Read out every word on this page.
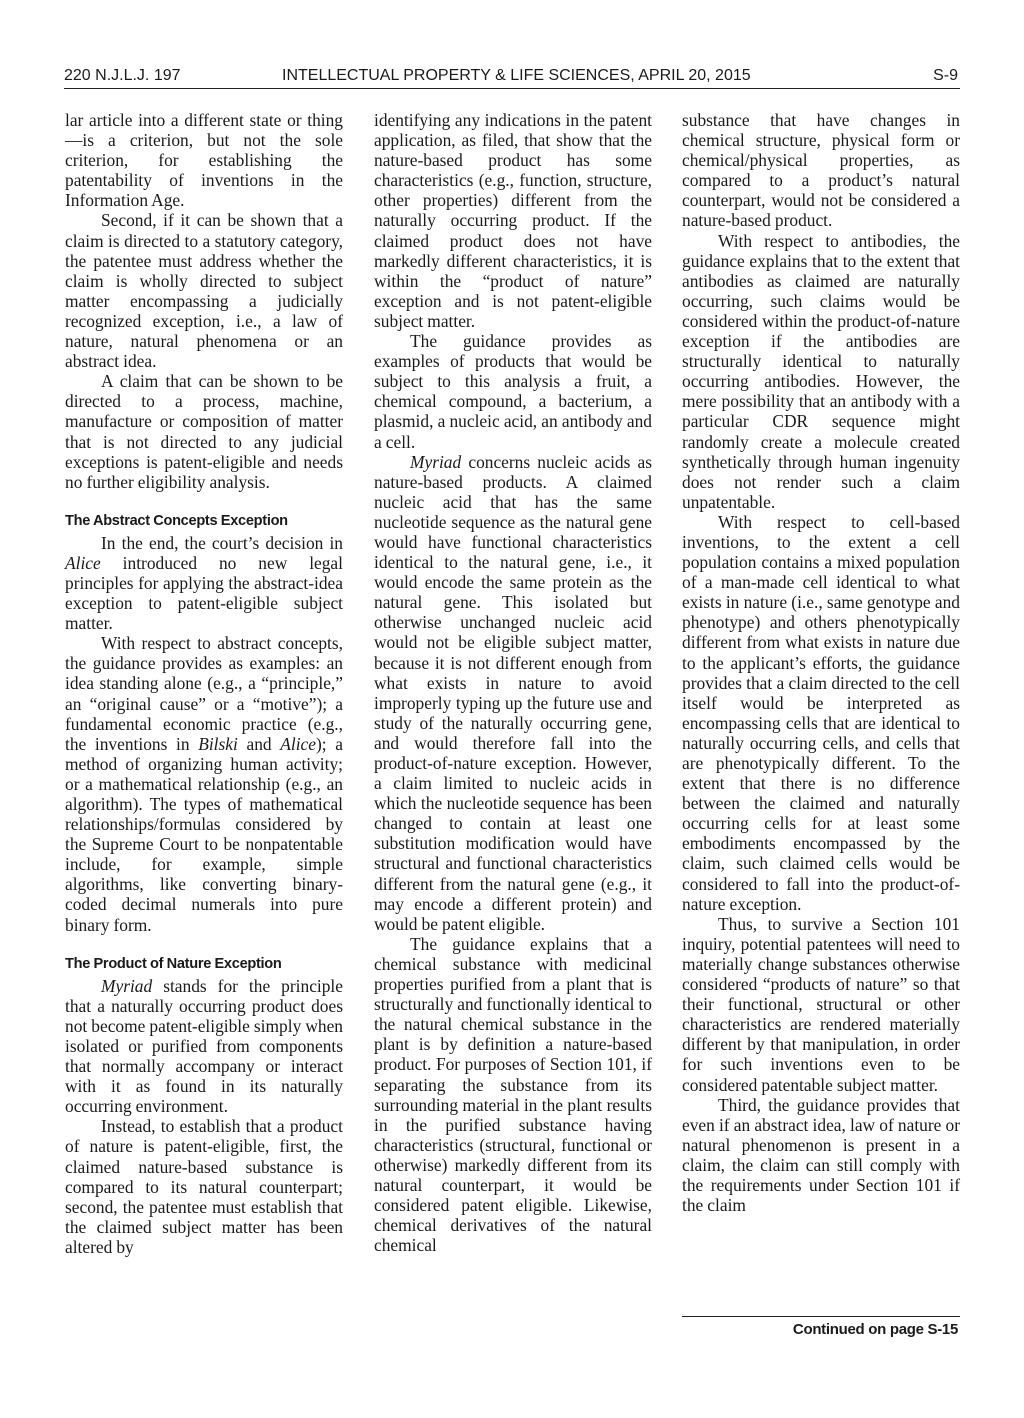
220 N.J.L.J. 197	INTELLECTUAL PROPERTY & LIFE SCIENCES, APRIL 20, 2015	S-9

lar article into a different state or thing—is a criterion, but not the sole criterion, for establishing the patentability of inventions in the Information Age.

Second, if it can be shown that a claim is directed to a statutory category, the patentee must address whether the claim is wholly directed to subject matter encompassing a judicially recognized exception, i.e., a law of nature, natural phenomena or an abstract idea.

A claim that can be shown to be directed to a process, machine, manufacture or composition of matter that is not directed to any judicial exceptions is patent-eligible and needs no further eligibility analysis.

The Abstract Concepts Exception

In the end, the court’s decision in Alice introduced no new legal principles for applying the abstract-idea exception to patent-eligible subject matter.

With respect to abstract concepts, the guidance provides as examples: an idea standing alone (e.g., a “principle,” an “original cause” or a “motive”); a fundamental economic practice (e.g., the inventions in Bilski and Alice); a method of organizing human activity; or a mathematical relationship (e.g., an algorithm). The types of mathematical relationships/formulas considered by the Supreme Court to be nonpatentable include, for example, simple algorithms, like converting binary-coded decimal numerals into pure binary form.

The Product of Nature Exception

Myriad stands for the principle that a naturally occurring product does not become patent-eligible simply when isolated or purified from components that normally accompany or interact with it as found in its naturally occurring environment.

Instead, to establish that a product of nature is patent-eligible, first, the claimed nature-based substance is compared to its natural counterpart; second, the patentee must establish that the claimed subject matter has been altered by

identifying any indications in the patent application, as filed, that show that the nature-based product has some characteristics (e.g., function, structure, other properties) different from the naturally occurring product. If the claimed product does not have markedly different characteristics, it is within the “product of nature” exception and is not patent-eligible subject matter.

The guidance provides as examples of products that would be subject to this analysis a fruit, a chemical compound, a bacterium, a plasmid, a nucleic acid, an antibody and a cell.

Myriad concerns nucleic acids as nature-based products. A claimed nucleic acid that has the same nucleotide sequence as the natural gene would have functional characteristics identical to the natural gene, i.e., it would encode the same protein as the natural gene. This isolated but otherwise unchanged nucleic acid would not be eligible subject matter, because it is not different enough from what exists in nature to avoid improperly typing up the future use and study of the naturally occurring gene, and would therefore fall into the product-of-nature exception. However, a claim limited to nucleic acids in which the nucleotide sequence has been changed to contain at least one substitution modification would have structural and functional characteristics different from the natural gene (e.g., it may encode a different protein) and would be patent eligible.

The guidance explains that a chemical substance with medicinal properties purified from a plant that is structurally and functionally identical to the natural chemical substance in the plant is by definition a nature-based product. For purposes of Section 101, if separating the substance from its surrounding material in the plant results in the purified substance having characteristics (structural, functional or otherwise) markedly different from its natural counterpart, it would be considered patent eligible. Likewise, chemical derivatives of the natural chemical

substance that have changes in chemical structure, physical form or chemical/physical properties, as compared to a product’s natural counterpart, would not be considered a nature-based product.

With respect to antibodies, the guidance explains that to the extent that antibodies as claimed are naturally occurring, such claims would be considered within the product-of-nature exception if the antibodies are structurally identical to naturally occurring antibodies. However, the mere possibility that an antibody with a particular CDR sequence might randomly create a molecule created synthetically through human ingenuity does not render such a claim unpatentable.

With respect to cell-based inventions, to the extent a cell population contains a mixed population of a man-made cell identical to what exists in nature (i.e., same genotype and phenotype) and others phenotypically different from what exists in nature due to the applicant’s efforts, the guidance provides that a claim directed to the cell itself would be interpreted as encompassing cells that are identical to naturally occurring cells, and cells that are phenotypically different. To the extent that there is no difference between the claimed and naturally occurring cells for at least some embodiments encompassed by the claim, such claimed cells would be considered to fall into the product-of-nature exception.

Thus, to survive a Section 101 inquiry, potential patentees will need to materially change substances otherwise considered “products of nature” so that their functional, structural or other characteristics are rendered materially different by that manipulation, in order for such inventions even to be considered patentable subject matter.

Third, the guidance provides that even if an abstract idea, law of nature or natural phenomenon is present in a claim, the claim can still comply with the requirements under Section 101 if the claim

Continued on page S-15
